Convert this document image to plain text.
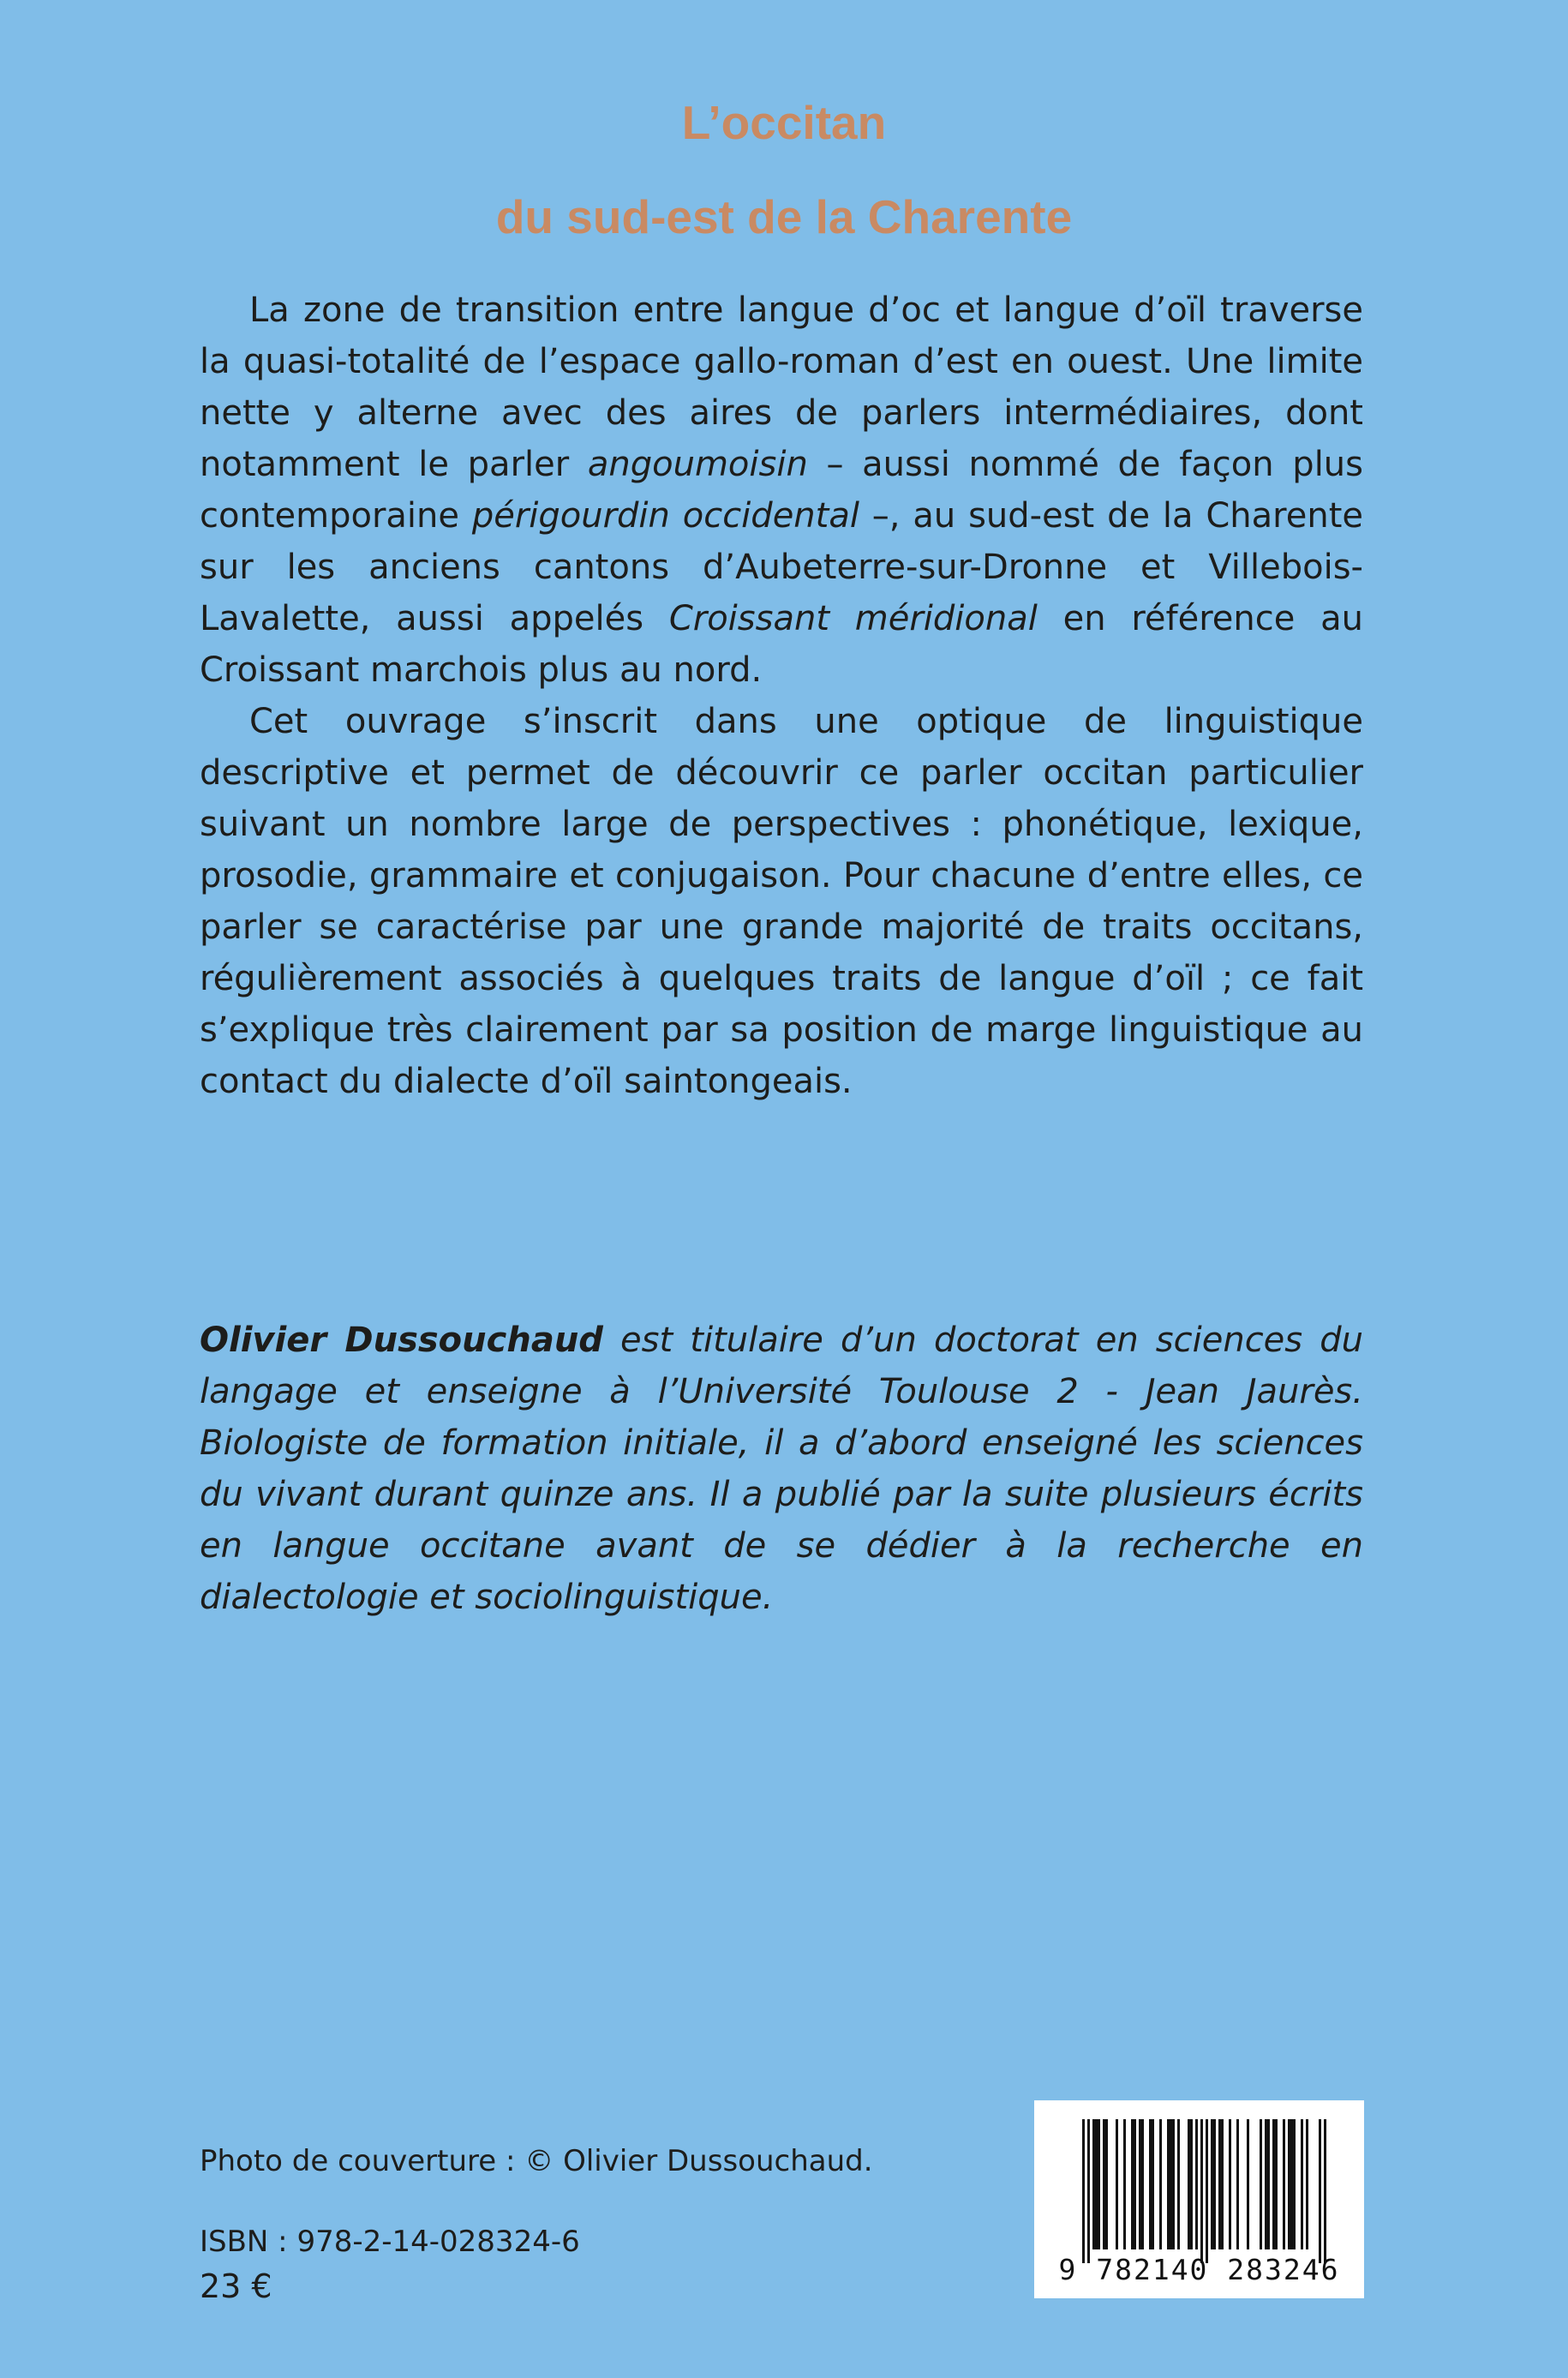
L’occitan
du sud-est de la Charente

La zone de transition entre langue d’oc et langue d’oïl traverse la quasi-totalité de l’espace gallo-roman d’est en ouest. Une limite nette y alterne avec des aires de parlers intermédiaires, dont notamment le parler angoumoisin – aussi nommé de façon plus contemporaine périgourdin occidental –, au sud-est de la Charente sur les anciens cantons d’Aubeterre-sur-Dronne et Villebois-Lavalette, aussi appelés Croissant méridional en référence au Croissant marchois plus au nord.

Cet ouvrage s’inscrit dans une optique de linguistique descriptive et permet de découvrir ce parler occitan particulier suivant un nombre large de perspectives : phonétique, lexique, prosodie, grammaire et conjugaison. Pour chacune d’entre elles, ce parler se caractérise par une grande majorité de traits occitans, régulièrement associés à quelques traits de langue d’oïl ; ce fait s’explique très clairement par sa position de marge linguistique au contact du dialecte d’oïl saintongeais.

Olivier Dussouchaud est titulaire d’un doctorat en sciences du langage et enseigne à l’Université Toulouse 2 - Jean Jaurès. Biologiste de formation initiale, il a d’abord enseigné les sciences du vivant durant quinze ans. Il a publié par la suite plusieurs écrits en langue occitane avant de se dédier à la recherche en dialectologie et sociolinguistique.
Photo de couverture : © Olivier Dussouchaud.
ISBN : 978-2-14-028324-6
23 €	9 782140 283246
